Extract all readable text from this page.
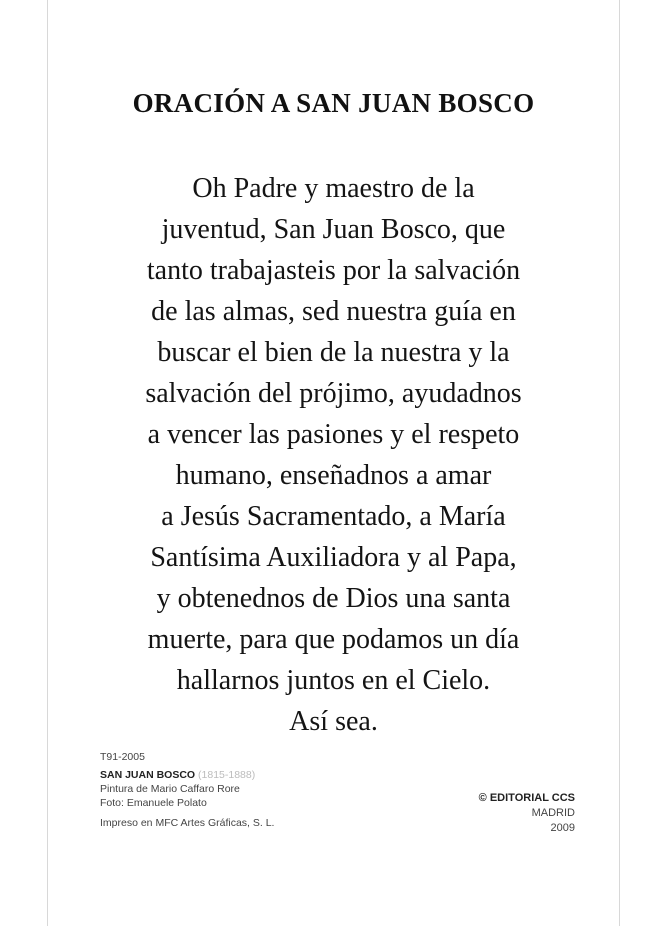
ORACIÓN A SAN JUAN BOSCO
Oh Padre y maestro de la
juventud, San Juan Bosco, que
tanto trabajasteis por la salvación
de las almas, sed nuestra guía en
buscar el bien de la nuestra y la
salvación del prójimo, ayudadnos
a vencer las pasiones y el respeto
humano, enseñadnos a amar
a Jesús Sacramentado, a María
Santísima Auxiliadora y al Papa,
y obtenednos de Dios una santa
muerte, para que podamos un día
hallarnos juntos en el Cielo.
Así sea.
T91-2005
SAN JUAN BOSCO (1815-1888)
Pintura de Mario Caffaro Rore
Foto: Emanuele Polato
Impreso en MFC Artes Gráficas, S. L.
© EDITORIAL CCS
MADRID
2009
